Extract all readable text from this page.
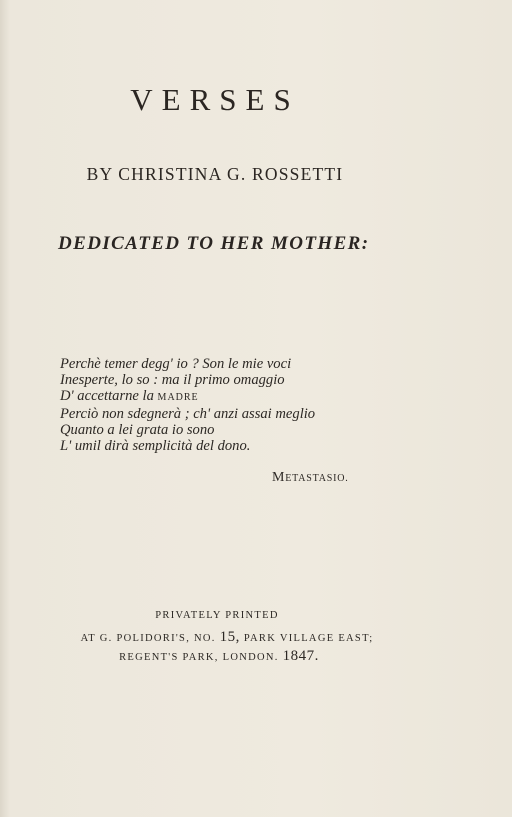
VERSES
BY CHRISTINA G. ROSSETTI
DEDICATED TO HER MOTHER:
Perchè temer degg' io ? Son le mie voci
Inesperte, lo so : ma il primo omaggio
D' accettarne la MADRE
Perciò non sdegnerà ; ch' anzi assai meglio
Quanto a lei grata io sono
L' umil dirà semplicità del dono.
METASTASIO.
PRIVATELY PRINTED
AT G. POLIDORI'S, NO. 15, PARK VILLAGE EAST;
REGENT'S PARK, LONDON. 1847.
